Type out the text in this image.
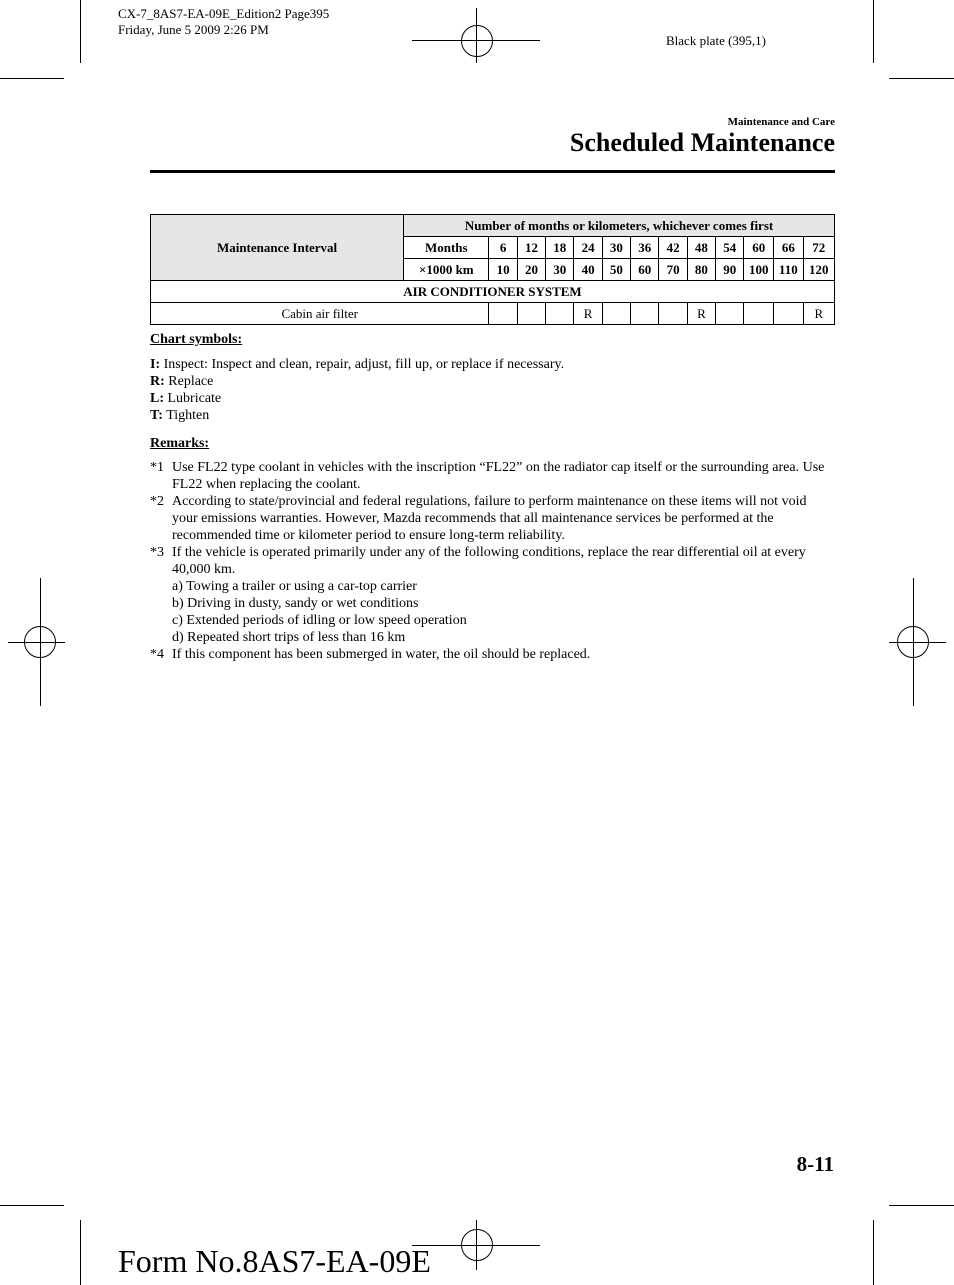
CX-7_8AS7-EA-09E_Edition2 Page395
Friday, June 5 2009 2:26 PM
Black plate (395,1)
Maintenance and Care
Scheduled Maintenance
Maintenance Interval	Number of months or kilometers, whichever comes first												
	Months	6	12	18	24	30	36	42	48	54	60	66	72
	×1000 km	10	20	30	40	50	60	70	80	90	100	110	120
AIR CONDITIONER SYSTEM													
Cabin air filter					R				R				R
Chart symbols:
I: Inspect: Inspect and clean, repair, adjust, fill up, or replace if necessary.
R: Replace
L: Lubricate
T: Tighten
Remarks:
*1 Use FL22 type coolant in vehicles with the inscription “FL22” on the radiator cap itself or the surrounding area. Use FL22 when replacing the coolant.
*2 According to state/provincial and federal regulations, failure to perform maintenance on these items will not void your emissions warranties. However, Mazda recommends that all maintenance services be performed at the recommended time or kilometer period to ensure long-term reliability.
*3 If the vehicle is operated primarily under any of the following conditions, replace the rear differential oil at every 40,000 km.
a) Towing a trailer or using a car-top carrier
b) Driving in dusty, sandy or wet conditions
c) Extended periods of idling or low speed operation
d) Repeated short trips of less than 16 km
*4 If this component has been submerged in water, the oil should be replaced.
8-11
Form No.8AS7-EA-09E
